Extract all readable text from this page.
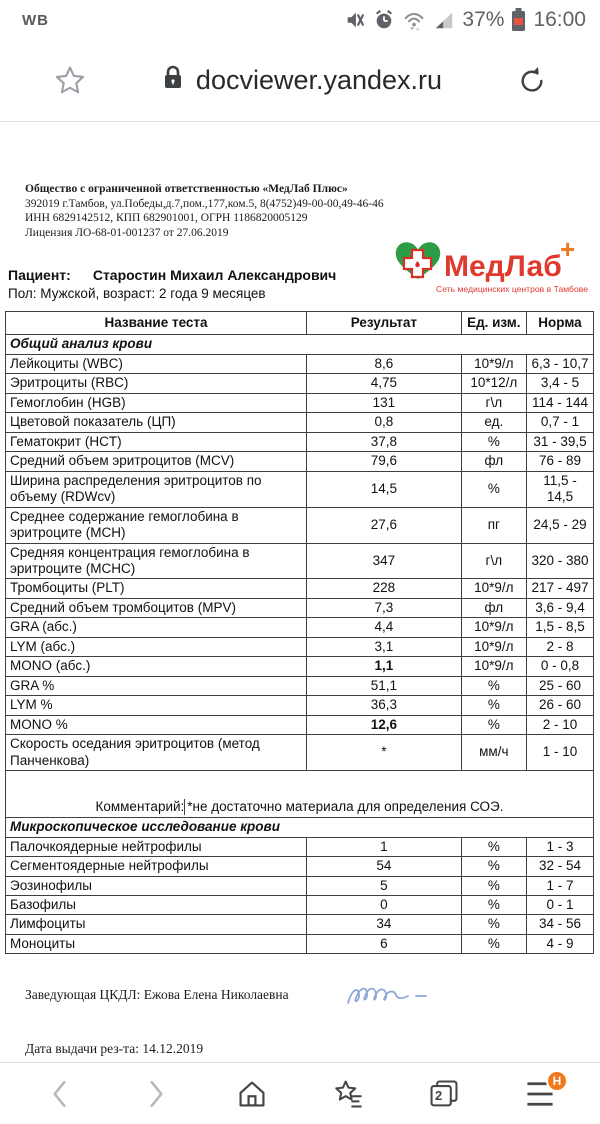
WB	37% 16:00
docviewer.yandex.ru
Общество с ограниченной ответственностью «МедЛаб Плюс»
392019 г.Тамбов, ул.Победы,д.7,пом.,177,ком.5, 8(4752)49-00-00,49-46-46
ИНН 6829142512, КПП 682901001, ОГРН 1186820005129
Лицензия ЛО-68-01-001237 от 27.06.2019
МедЛаб
+
Сеть медицинских центров в Тамбове
Пациент: Старостин Михаил Александрович
Пол: Мужской, возраст: 2 года 9 месяцев
Название теста	Результат	Ед. изм.	Норма
Общий анализ крови			
Лейкоциты (WBC)	8,6	10*9/л	6,3 - 10,7
Эритроциты (RBC)	4,75	10*12/л	3,4 - 5
Гемоглобин (HGB)	131	г\л	114 - 144
Цветовой показатель (ЦП)	0,8	ед.	0,7 - 1
Гематокрит (HCT)	37,8	%	31 - 39,5
Средний объем эритроцитов (MCV)	79,6	фл	76 - 89
Ширина распределения эритроцитов по объему (RDWcv)	14,5	%	11,5 - 14,5
Среднее содержание гемоглобина в эритроците (MCH)	27,6	пг	24,5 - 29
Средняя концентрация гемоглобина в эритроците (MCHC)	347	г\л	320 - 380
Тромбоциты (PLT)	228	10*9/л	217 - 497
Средний объем тромбоцитов (MPV)	7,3	фл	3,6 - 9,4
GRA (абс.)	4,4	10*9/л	1,5 - 8,5
LYM (абс.)	3,1	10*9/л	2 - 8
MONO (абс.)	1,1	10*9/л	0 - 0,8
GRA %	51,1	%	25 - 60
LYM %	36,3	%	26 - 60
MONO %	12,6	%	2 - 10
Скорость оседания эритроцитов (метод Панченкова)	*	мм/ч	1 - 10

Комментарий: *не достаточно материала для определения СОЭ.			

Микроскопическое исследование крови			
Палочкоядерные нейтрофилы	1	%	1 - 3
Сегментоядерные нейтрофилы	54	%	32 - 54
Эозинофилы	5	%	1 - 7
Базофилы	0	%	0 - 1
Лимфоциты	34	%	34 - 56
Моноциты	6	%	4 - 9
Заведующая ЦКДЛ: Ежова Елена Николаевна
Дата выдачи рез-та: 14.12.2019
2
H
